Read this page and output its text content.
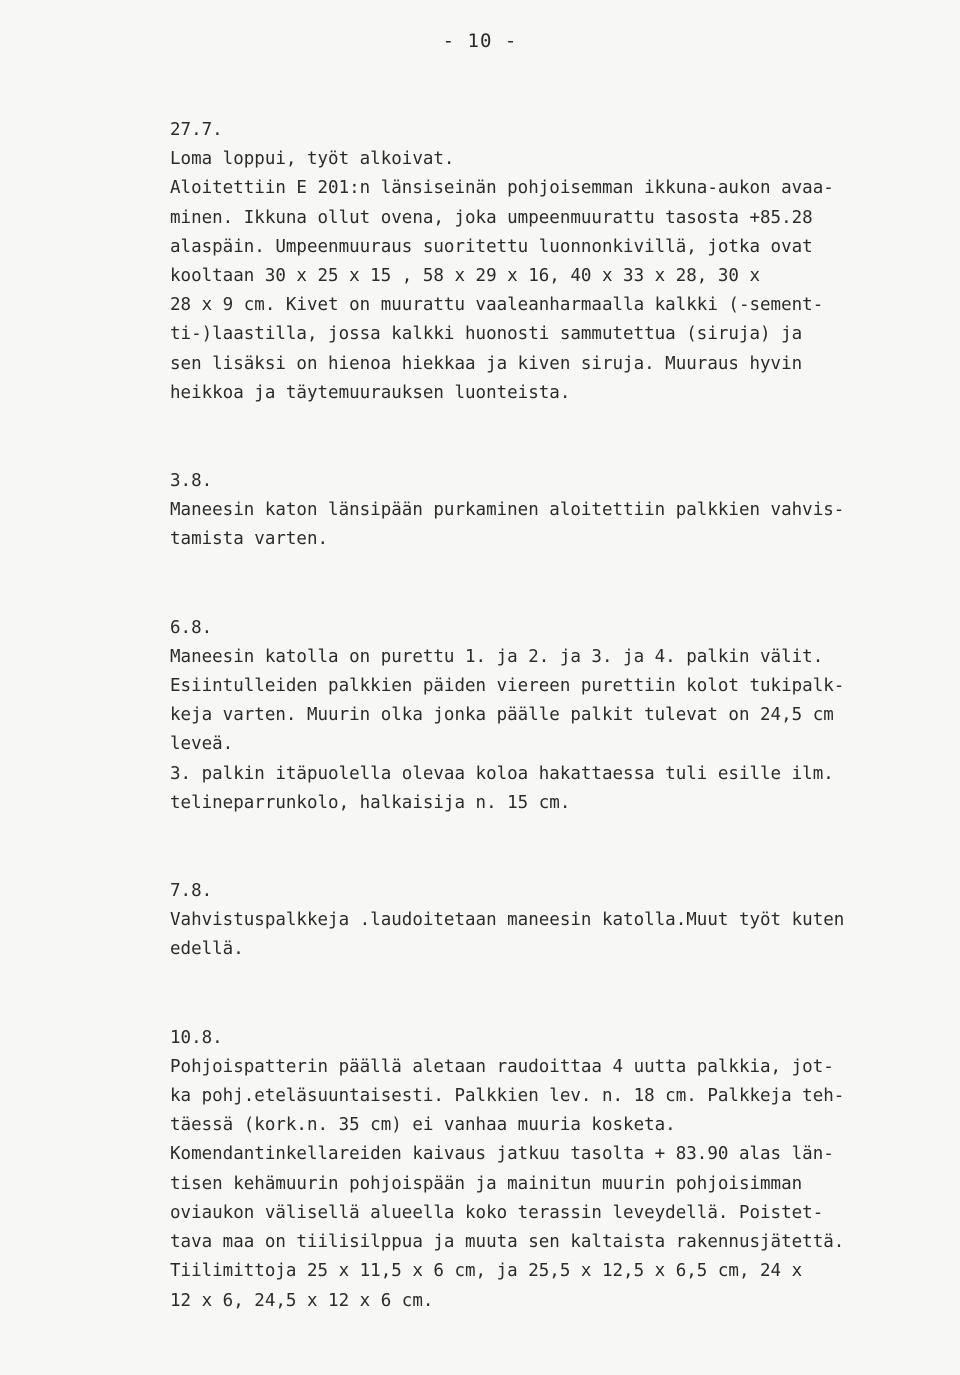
- 10 -
27.7.
Loma loppui, työt alkoivat.
Aloitettiin E 201:n länsiseinän pohjoisemman ikkuna-aukon avaa-
minen. Ikkuna ollut ovena, joka umpeenmuurattu tasosta +85.28
alaspäin. Umpeenmuuraus suoritettu luonnonkivillä, jotka ovat
kooltaan 30 x 25 x 15 , 58 x 29 x 16, 40 x 33 x 28, 30 x
28 x 9 cm. Kivet on muurattu vaaleanharmaalla kalkki (-sement-
ti-)laastilla, jossa kalkki huonosti sammutettua (siruja) ja
sen lisäksi on hienoa hiekkaa ja kiven siruja. Muuraus hyvin
heikkoa ja täytemuurauksen luonteista.
3.8.
Maneesin katon länsipään purkaminen aloitettiin palkkien vahvis-
tamista varten.
6.8.
Maneesin katolla on purettu 1. ja 2. ja 3. ja 4. palkin välit.
Esiintulleiden palkkien päiden viereen purettiin kolot tukipalk-
keja varten. Muurin olka jonka päälle palkit tulevat on 24,5 cm
leveä.
3. palkin itäpuolella olevaa koloa hakattaessa tuli esille ilm.
telineparrunkolo, halkaisija n. 15 cm.
7.8.
Vahvistuspalkkeja .laudoitetaan maneesin katolla.Muut työt kuten
edellä.
10.8.
Pohjoispatterin päällä aletaan raudoittaa 4 uutta palkkia, jot-
ka pohj.eteläsuuntaisesti. Palkkien lev. n. 18 cm. Palkkeja teh-
täessä (kork.n. 35 cm) ei vanhaa muuria kosketa.
Komendantinkellareiden kaivaus jatkuu tasolta + 83.90 alas län-
tisen kehämuurin pohjoispään ja mainitun muurin pohjoisimman
oviaukon välisellä alueella koko terassin leveydellä. Poistet-
tava maa on tiilisilppua ja muuta sen kaltaista rakennusjätettä.
Tiilimittoja 25 x 11,5 x 6 cm, ja 25,5 x 12,5 x 6,5 cm, 24 x
12 x 6, 24,5 x 12 x 6 cm.
